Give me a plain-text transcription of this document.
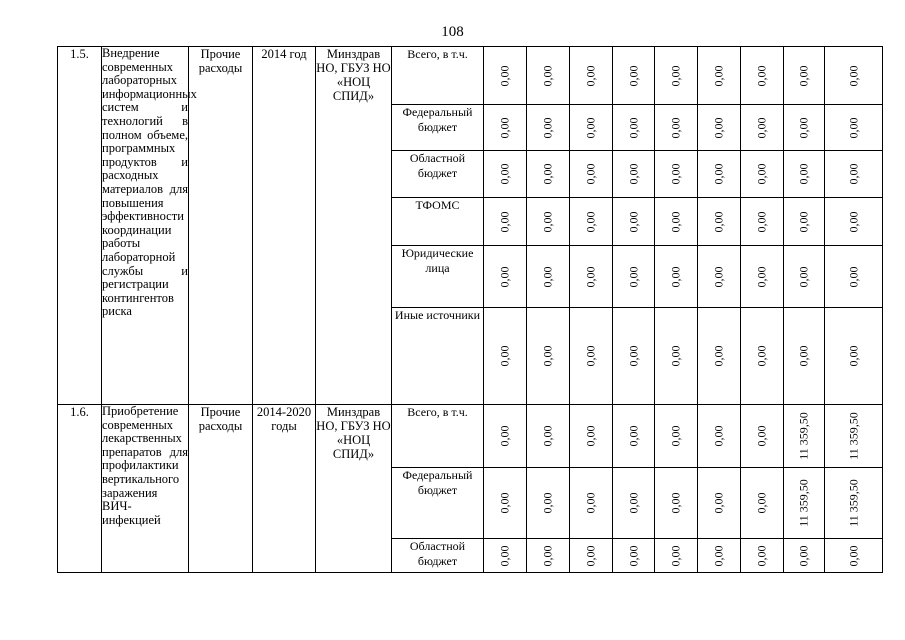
108
1.5.	Внедрение современных лабораторных информационных систем и технологий в полном объеме, программных продуктов и расходных материалов для повышения эффективности координации работы лабораторной службы и регистрации контингентов риска	Прочие расходы	2014 год	Минздрав НО, ГБУЗ НО «НОЦ СПИД»	Всего, в т.ч.	0,00	0,00	0,00	0,00	0,00	0,00	0,00	0,00	0,00

					Федеральный бюджет	0,00	0,00	0,00	0,00	0,00	0,00	0,00	0,00	0,00

					Областной бюджет	0,00	0,00	0,00	0,00	0,00	0,00	0,00	0,00	0,00

					ТФОМС	0,00	0,00	0,00	0,00	0,00	0,00	0,00	0,00	0,00

					Юридические лица	0,00	0,00	0,00	0,00	0,00	0,00	0,00	0,00	0,00

					Иные источники	0,00	0,00	0,00	0,00	0,00	0,00	0,00	0,00	0,00

1.6.	Приобретение современных лекарственных препаратов для профилактики вертикального заражения ВИЧ-инфекцией	Прочие расходы	2014-2020 годы	Минздрав НО, ГБУЗ НО «НОЦ СПИД»	Всего, в т.ч.	0,00	0,00	0,00	0,00	0,00	0,00	0,00	11 359,50	11 359,50

					Федеральный бюджет	0,00	0,00	0,00	0,00	0,00	0,00	0,00	11 359,50	11 359,50

					Областной бюджет	0,00	0,00	0,00	0,00	0,00	0,00	0,00	0,00	0,00
